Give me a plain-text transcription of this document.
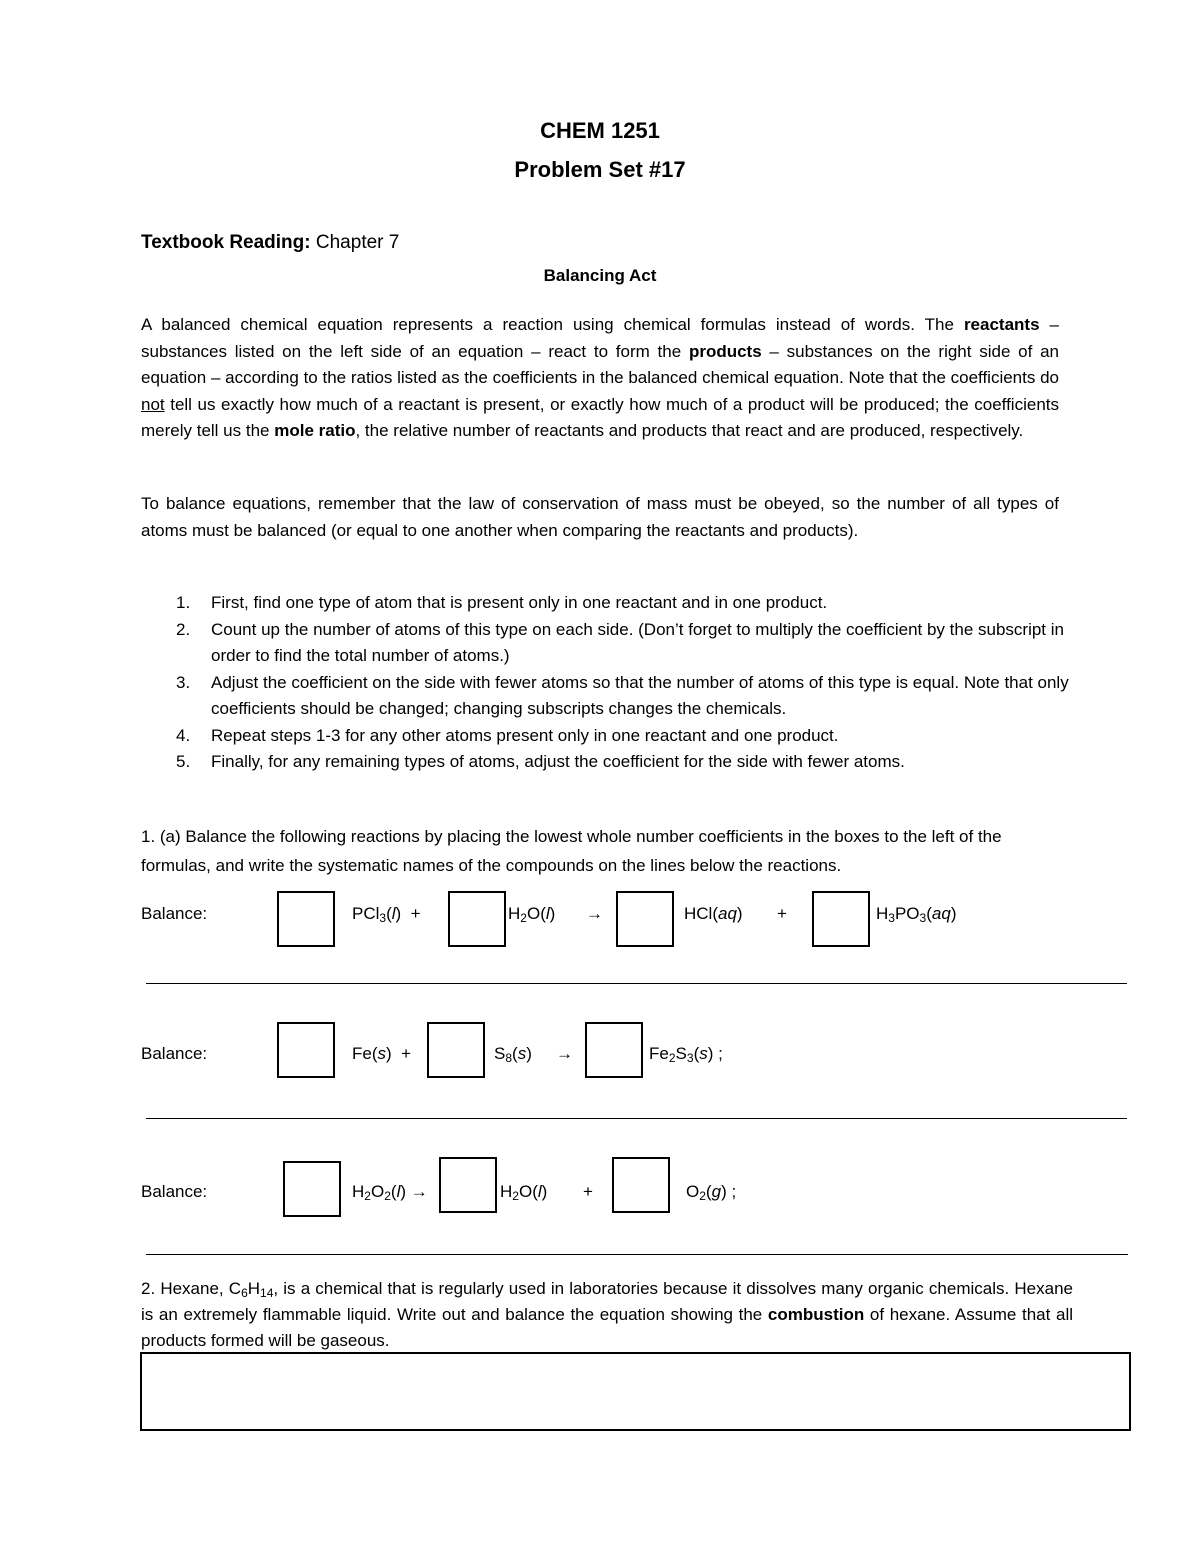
CHEM 1251
Problem Set #17
Textbook Reading: Chapter 7
Balancing Act
A balanced chemical equation represents a reaction using chemical formulas instead of words. The reactants – substances listed on the left side of an equation – react to form the products – substances on the right side of an equation – according to the ratios listed as the coefficients in the balanced chemical equation. Note that the coefficients do not tell us exactly how much of a reactant is present, or exactly how much of a product will be produced; the coefficients merely tell us the mole ratio, the relative number of reactants and products that react and are produced, respectively.
To balance equations, remember that the law of conservation of mass must be obeyed, so the number of all types of atoms must be balanced (or equal to one another when comparing the reactants and products).
1. First, find one type of atom that is present only in one reactant and in one product.
2. Count up the number of atoms of this type on each side. (Don’t forget to multiply the coefficient by the subscript in order to find the total number of atoms.)
3. Adjust the coefficient on the side with fewer atoms so that the number of atoms of this type is equal. Note that only coefficients should be changed; changing subscripts changes the chemicals.
4. Repeat steps 1-3 for any other atoms present only in one reactant and one product.
5. Finally, for any remaining types of atoms, adjust the coefficient for the side with fewer atoms.
1. (a) Balance the following reactions by placing the lowest whole number coefficients in the boxes to the left of the formulas, and write the systematic names of the compounds on the lines below the reactions.
Balance:	PCl$_3$(l) +	$H_2O(l)$ →	HCl(aq) +	$H_3PO_3(aq)$
Balance:	Fe(s) +	$S_8(s)$ →	$Fe_2S_3(s)$ ;
Balance:	$H_2O_2(l)$ →	$H_2O(l)$ +	$O_2(g)$ ;
2. Hexane, $C_6H_{14}$, is a chemical that is regularly used in laboratories because it dissolves many organic chemicals. Hexane is an extremely flammable liquid. Write out and balance the equation showing the combustion of hexane. Assume that all products formed will be gaseous.
